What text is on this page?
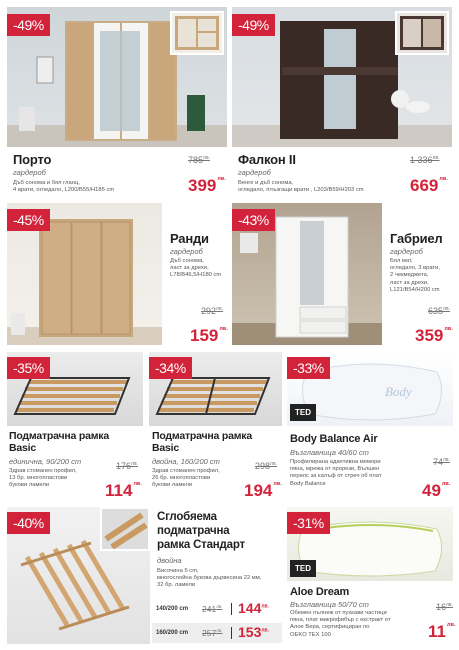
-49%	-49%
Порто
гардероб
Дъб сонома и бял гланц,
4 врати, огледало, L200/B55/H185 cm
$785^{лв.}$
$399^{лв.}$
Фалкон II
гардероб
Венге и дъб сонома,
огледало, плъзгащи врати , L203/B59/H203 cm
1 $336^{лв.}$
$669^{лв.}$
-45%
Ранди
гардероб
Дъб сонома,
ласт за дрехи,
L78/B46,5/H180 cm
$292^{лв.}$
$159^{лв.}$
-43%
Габриел
гардероб
Бял мат,
огледало, 3 врати,
2 чекмеджета,
ласт за дрехи,
L121/B54/H200 cm
$635^{лв.}$
$359^{лв.}$
-35%	-34%
Body
-33%
TED
Подматрачна рамка
Basic
единична, 90/200 cm
Здрав стоманен профил,
13 бр. многопластови
букови ламели
$176^{лв.}$
$114^{лв.}$
Подматрачна рамка
Basic
двойна, 160/200 cm
Здрав стоманен профил,
26 бр. многопластови
букови ламели
$298^{лв.}$
$194^{лв.}$
Body Balance Air
Възглавница 40/60 cm
Профилирана адаптивна мемори
пяна, мрежа от прорези, Вълшен
перелс за калъф от стреч об плат
Body Balance
$74^{лв.}$
$49^{лв.}$
-40%	Сглобяема
подматрачна
рамка Стандарт
двойна
Височина 5 cm,
многослойна букова дървесина 22 мм,
32 бр. ламели
140/200 cm $241^{лв.}$ $144^{лв.}$
160/200 cm $257^{лв.}$ $153^{лв.}$
-31%
TED
Aloe Dream
Възглавница 50/70 cm
Обемен пълнеж от пухкави частици
пяна, плат микрофибър с екстракт от
Алое Вера, сертифициран по
OEKO TEX 100
$16^{лв.}$
$11^{лв.}$
